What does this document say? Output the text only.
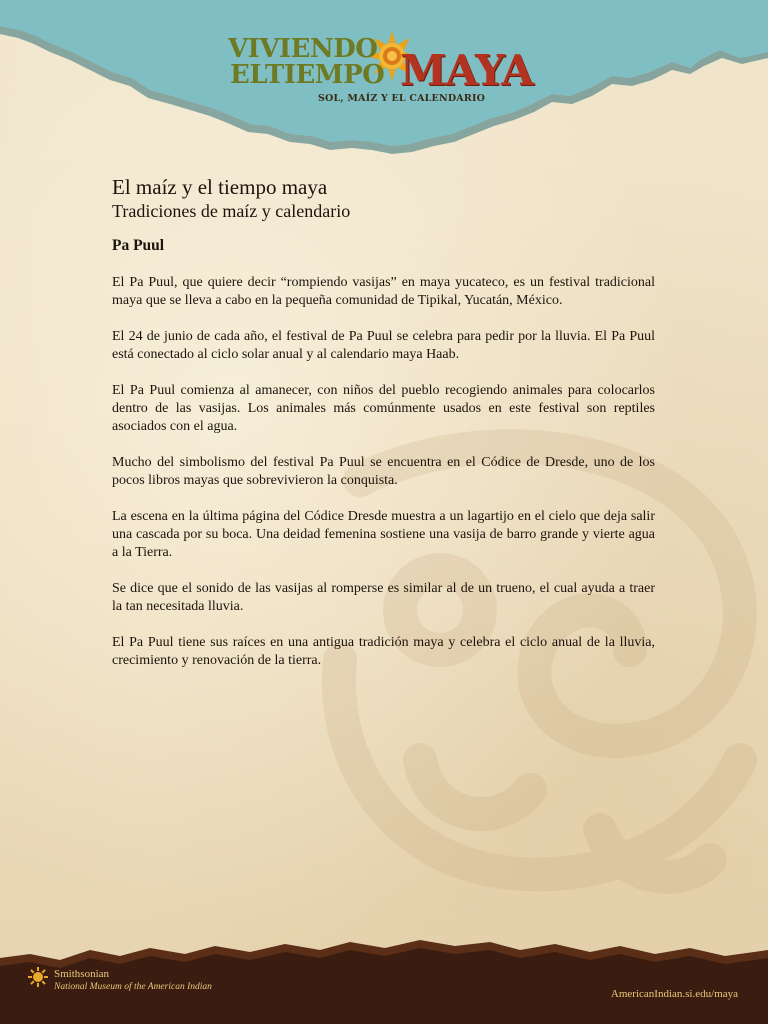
VIVIENDO
ELTIEMPO MAYA
SOL, MAÍZ Y EL CALENDARIO
El maíz y el tiempo maya
Tradiciones de maíz y calendario
Pa Puul

El Pa Puul, que quiere decir “rompiendo vasijas” en maya yucateco, es un festival tradicional maya que se lleva a cabo en la pequeña comunidad de Tipikal, Yucatán, México.

El 24 de junio de cada año, el festival de Pa Puul se celebra para pedir por la lluvia. El Pa Puul está conectado al ciclo solar anual y al calendario maya Haab.

El Pa Puul comienza al amanecer, con niños del pueblo recogiendo animales para colocarlos dentro de las vasijas. Los animales más comúnmente usados en este festival son reptiles asociados con el agua.

Mucho del simbolismo del festival Pa Puul se encuentra en el Códice de Dresde, uno de los pocos libros mayas que sobrevivieron la conquista.

La escena en la última página del Códice Dresde muestra a un lagartijo en el cielo que deja salir una cascada por su boca. Una deidad femenina sostiene una vasija de barro grande y vierte agua a la Tierra.

Se dice que el sonido de las vasijas al romperse es similar al de un trueno, el cual ayuda a traer la tan necesitada lluvia.

El Pa Puul tiene sus raíces en una antigua tradición maya y celebra el ciclo anual de la lluvia, crecimiento y renovación de la tierra.

Smithsonian
National Museum of the American Indian
AmericanIndian.si.edu/maya
